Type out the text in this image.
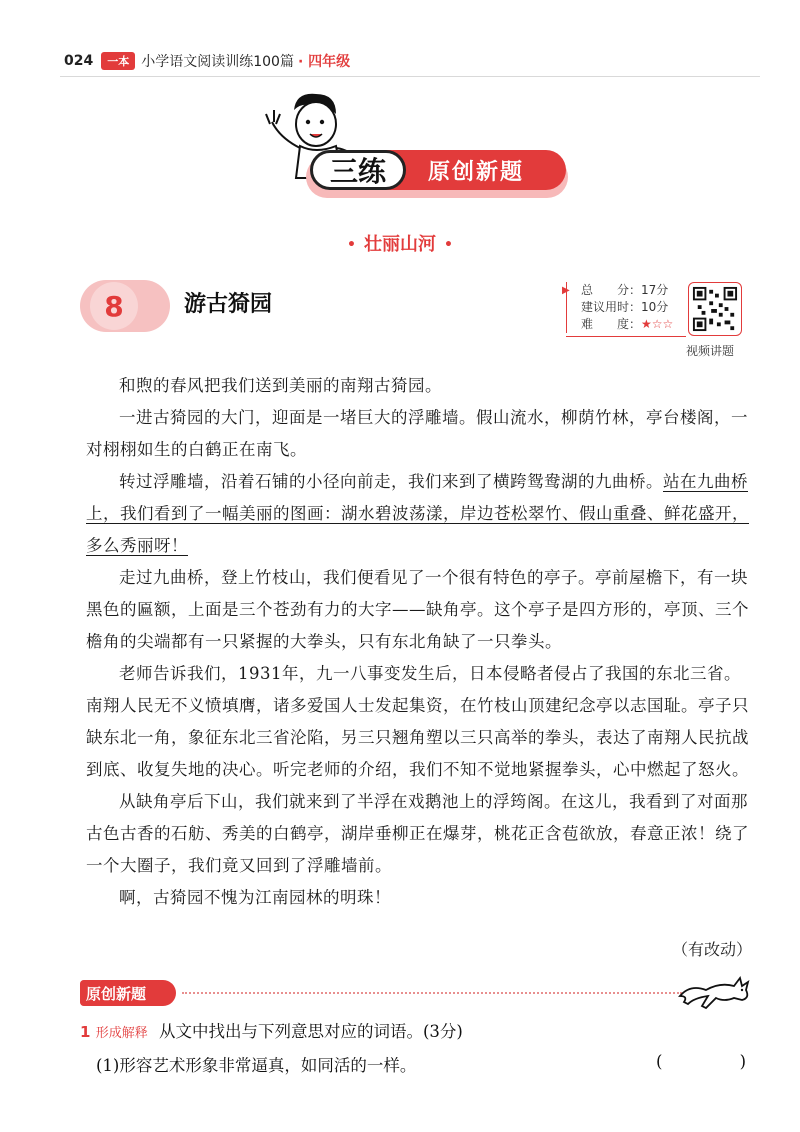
024	一本 小学语文阅读训练100篇 · 四年级
原创新题
三练
• 壮丽山河 •
8	游古猗园
▶ 总　　分：17分
建议用时：10分
难　　度：★☆☆
视频讲题

和煦的春风把我们送到美丽的南翔古猗园。

一进古猗园的大门，迎面是一堵巨大的浮雕墙。假山流水，柳荫竹林，亭台楼阁，一对栩栩如生的白鹤正在南飞。

转过浮雕墙，沿着石铺的小径向前走，我们来到了横跨鸳鸯湖的九曲桥。站在九曲桥上，我们看到了一幅美丽的图画：湖水碧波荡漾，岸边苍松翠竹、假山重叠、鲜花盛开，多么秀丽呀！

走过九曲桥，登上竹枝山，我们便看见了一个很有特色的亭子。亭前屋檐下，有一块黑色的匾额，上面是三个苍劲有力的大字——缺角亭。这个亭子是四方形的，亭顶、三个檐角的尖端都有一只紧握的大拳头，只有东北角缺了一只拳头。

老师告诉我们，1931年，九一八事变发生后，日本侵略者侵占了我国的东北三省。南翔人民无不义愤填膺，诸多爱国人士发起集资，在竹枝山顶建纪念亭以志国耻。亭子只缺东北一角，象征东北三省沦陷，另三只翘角塑以三只高举的拳头，表达了南翔人民抗战到底、收复失地的决心。听完老师的介绍，我们不知不觉地紧握拳头，心中燃起了怒火。

从缺角亭后下山，我们就来到了半浮在戏鹅池上的浮筠阁。在这儿，我看到了对面那古色古香的石舫、秀美的白鹤亭，湖岸垂柳正在爆芽，桃花正含苞欲放，春意正浓！绕了一个大圈子，我们竟又回到了浮雕墙前。

啊，古猗园不愧为江南园林的明珠！

（有改动）
原创新题
1 形成解释 从文中找出与下列意思对应的词语。(3分)
(1)形容艺术形象非常逼真，如同活的一样。	(	)
